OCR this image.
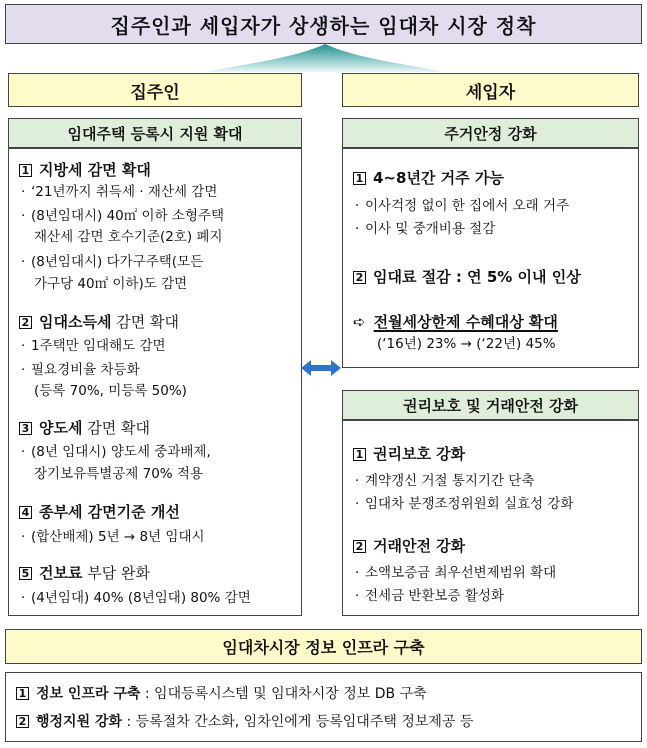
집주인과 세입자가 상생하는 임대차 시장 정착
집주인	세입자
임대주택 등록시 지원 확대
1 지방세 감면 확대
· ‘21년까지 취득세 · 재산세 감면
· (8년임대시) 40㎡ 이하 소형주택
재산세 감면 호수기준(2호) 폐지
· (8년임대시) 다가구주택(모든
가구당 40㎡ 이하)도 감면
2 임대소득세 감면 확대
· 1주택만 임대해도 감면
· 필요경비율 차등화
(등록 70%, 미등록 50%)
3 양도세 감면 확대
· (8년 임대시) 양도세 중과배제,
장기보유특별공제 70% 적용
4 종부세 감면기준 개선
· (합산배제) 5년 → 8년 임대시
5 건보료 부담 완화
· (4년임대) 40% (8년임대) 80% 감면
주거안정 강화
1 4~8년간 거주 가능
· 이사걱정 없이 한 집에서 오래 거주
· 이사 및 중개비용 절감
2 임대료 절감 : 연 5% 이내 인상
➪ 전월세상한제 수혜대상 확대
(‘16년) 23% → (‘22년) 45%
권리보호 및 거래안전 강화
1 권리보호 강화
· 계약갱신 거절 통지기간 단축
· 임대차 분쟁조정위원회 실효성 강화
2 거래안전 강화
· 소액보증금 최우선변제범위 확대
· 전세금 반환보증 활성화
임대차시장 정보 인프라 구축
1 정보 인프라 구축 : 임대등록시스템 및 임대차시장 정보 DB 구축
2 행정지원 강화 : 등록절차 간소화, 임차인에게 등록임대주택 정보제공 등
